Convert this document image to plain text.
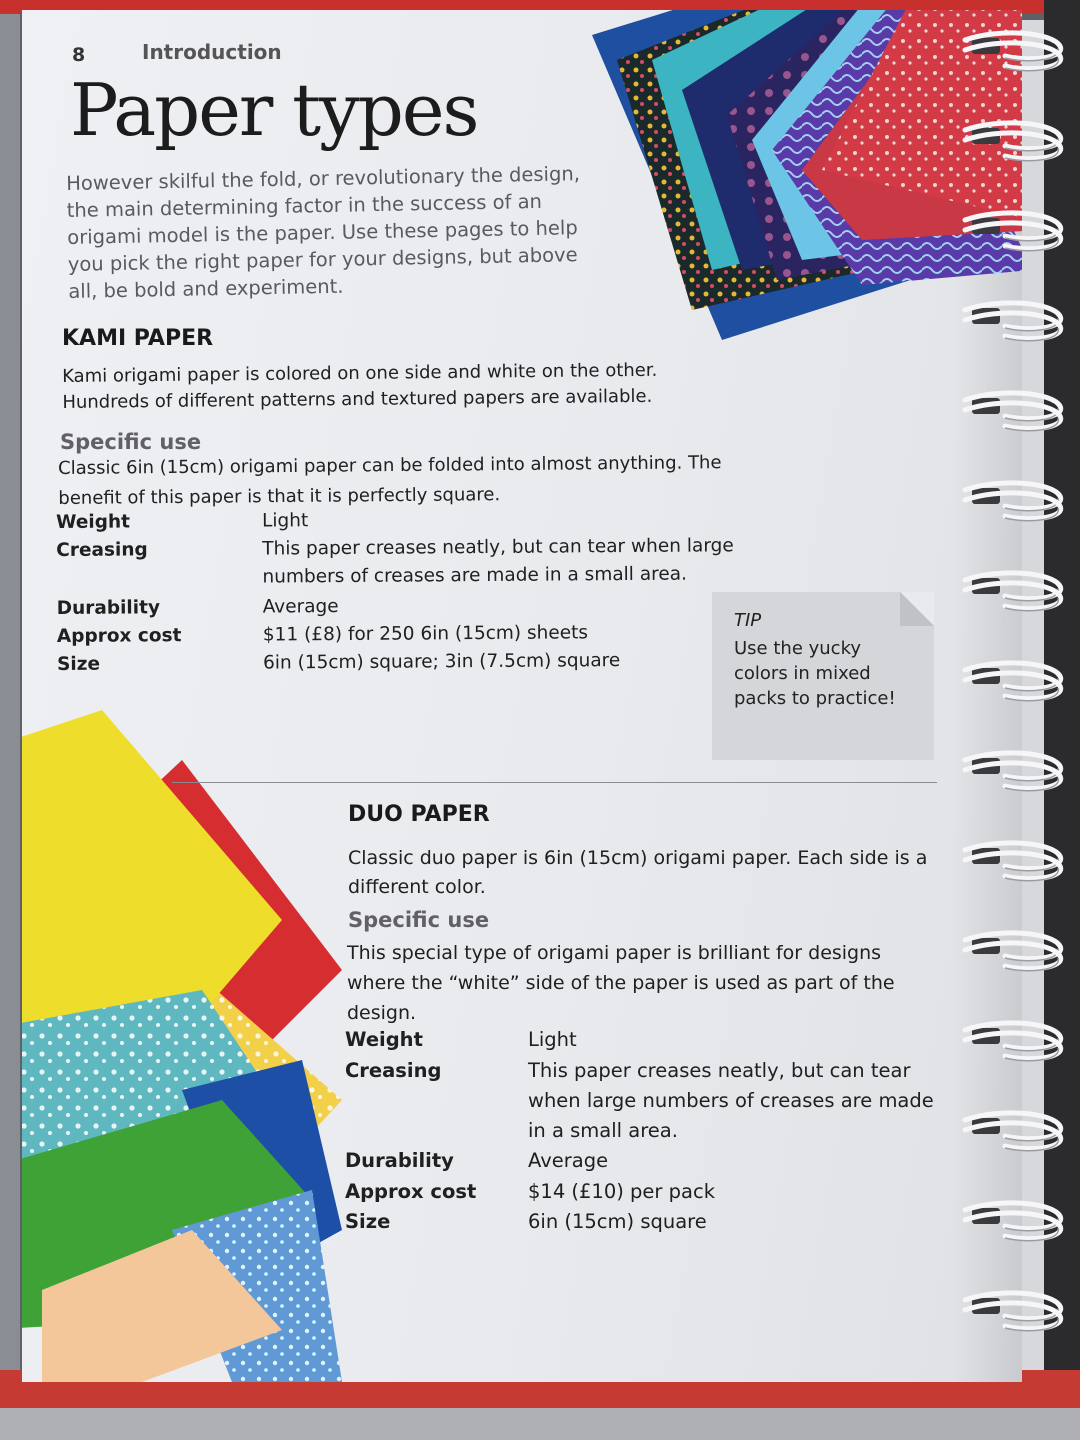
8	Introduction
Paper types
However skilful the fold, or revolutionary the design, the main determining factor in the success of an origami model is the paper. Use these pages to help you pick the right paper for your designs, but above all, be bold and experiment.
KAMI PAPER
Kami origami paper is colored on one side and white on the other. Hundreds of different patterns and textured papers are available.
Specific use
Classic 6in (15cm) origami paper can be folded into almost anything. The benefit of this paper is that it is perfectly square.
Weight	Light
Creasing	This paper creases neatly, but can tear when large
numbers of creases are made in a small area.
Durability	Average
Approx cost	$11 (£8) for 250 6in (15cm) sheets
Size	6in (15cm) square; 3in (7.5cm) square
TIP
Use the yucky colors in mixed packs to practice!
DUO PAPER
Classic duo paper is 6in (15cm) origami paper. Each side is a different color.
Specific use
This special type of origami paper is brilliant for designs where the “white” side of the paper is used as part of the design.
Weight	Light
Creasing	This paper creases neatly, but can tear
when large numbers of creases are made
in a small area.
Durability	Average
Approx cost	$14 (£10) per pack
Size	6in (15cm) square
